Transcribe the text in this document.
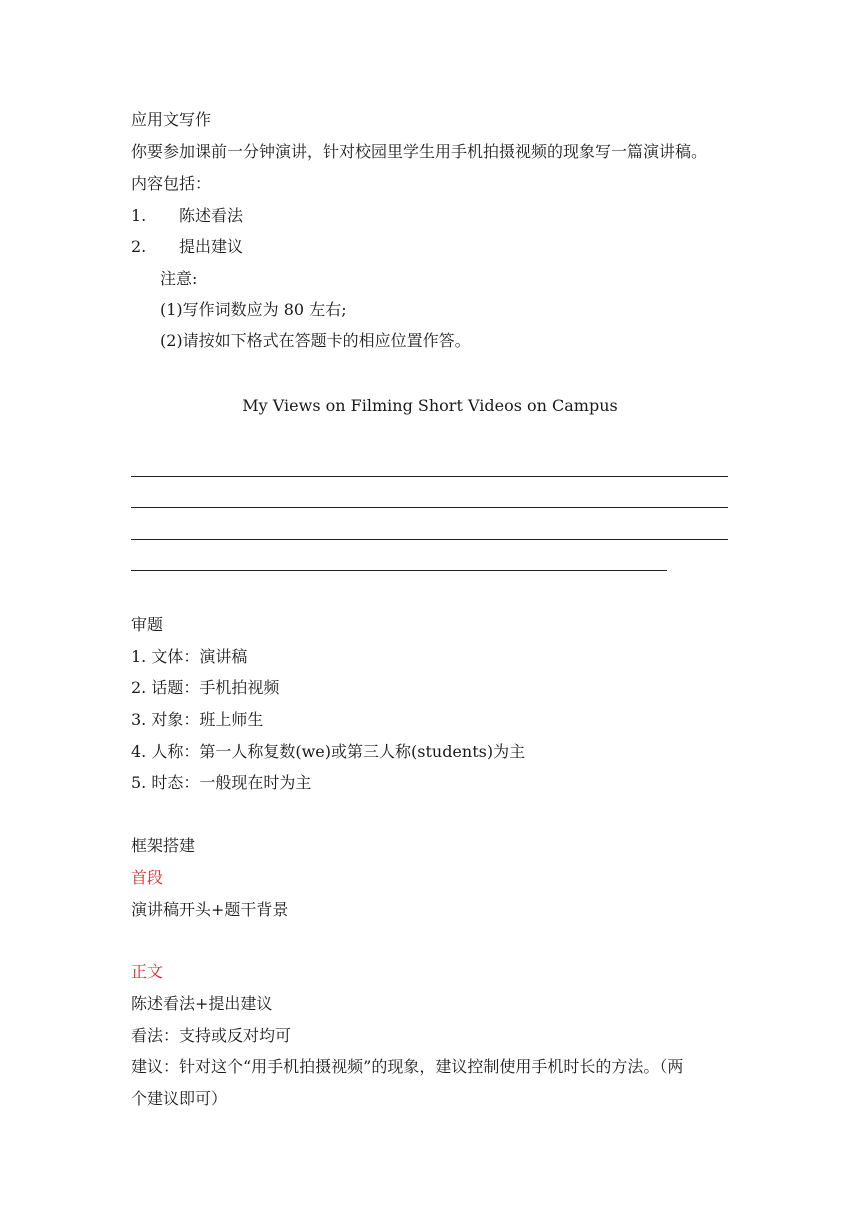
应用文写作
你要参加课前一分钟演讲，针对校园里学生用手机拍摄视频的现象写一篇演讲稿。
内容包括：
1. 陈述看法
2. 提出建议
注意:
(1)写作词数应为 80 左右;
(2)请按如下格式在答题卡的相应位置作答。
My Views on Filming Short Videos on Campus
审题
1. 文体：演讲稿
2. 话题：手机拍视频
3. 对象：班上师生
4. 人称：第一人称复数(we)或第三人称(students)为主
5. 时态：一般现在时为主
框架搭建
首段
演讲稿开头+题干背景
正文
陈述看法+提出建议
看法：支持或反对均可
建议：针对这个“用手机拍摄视频”的现象，建议控制使用手机时长的方法。（两
个建议即可）
